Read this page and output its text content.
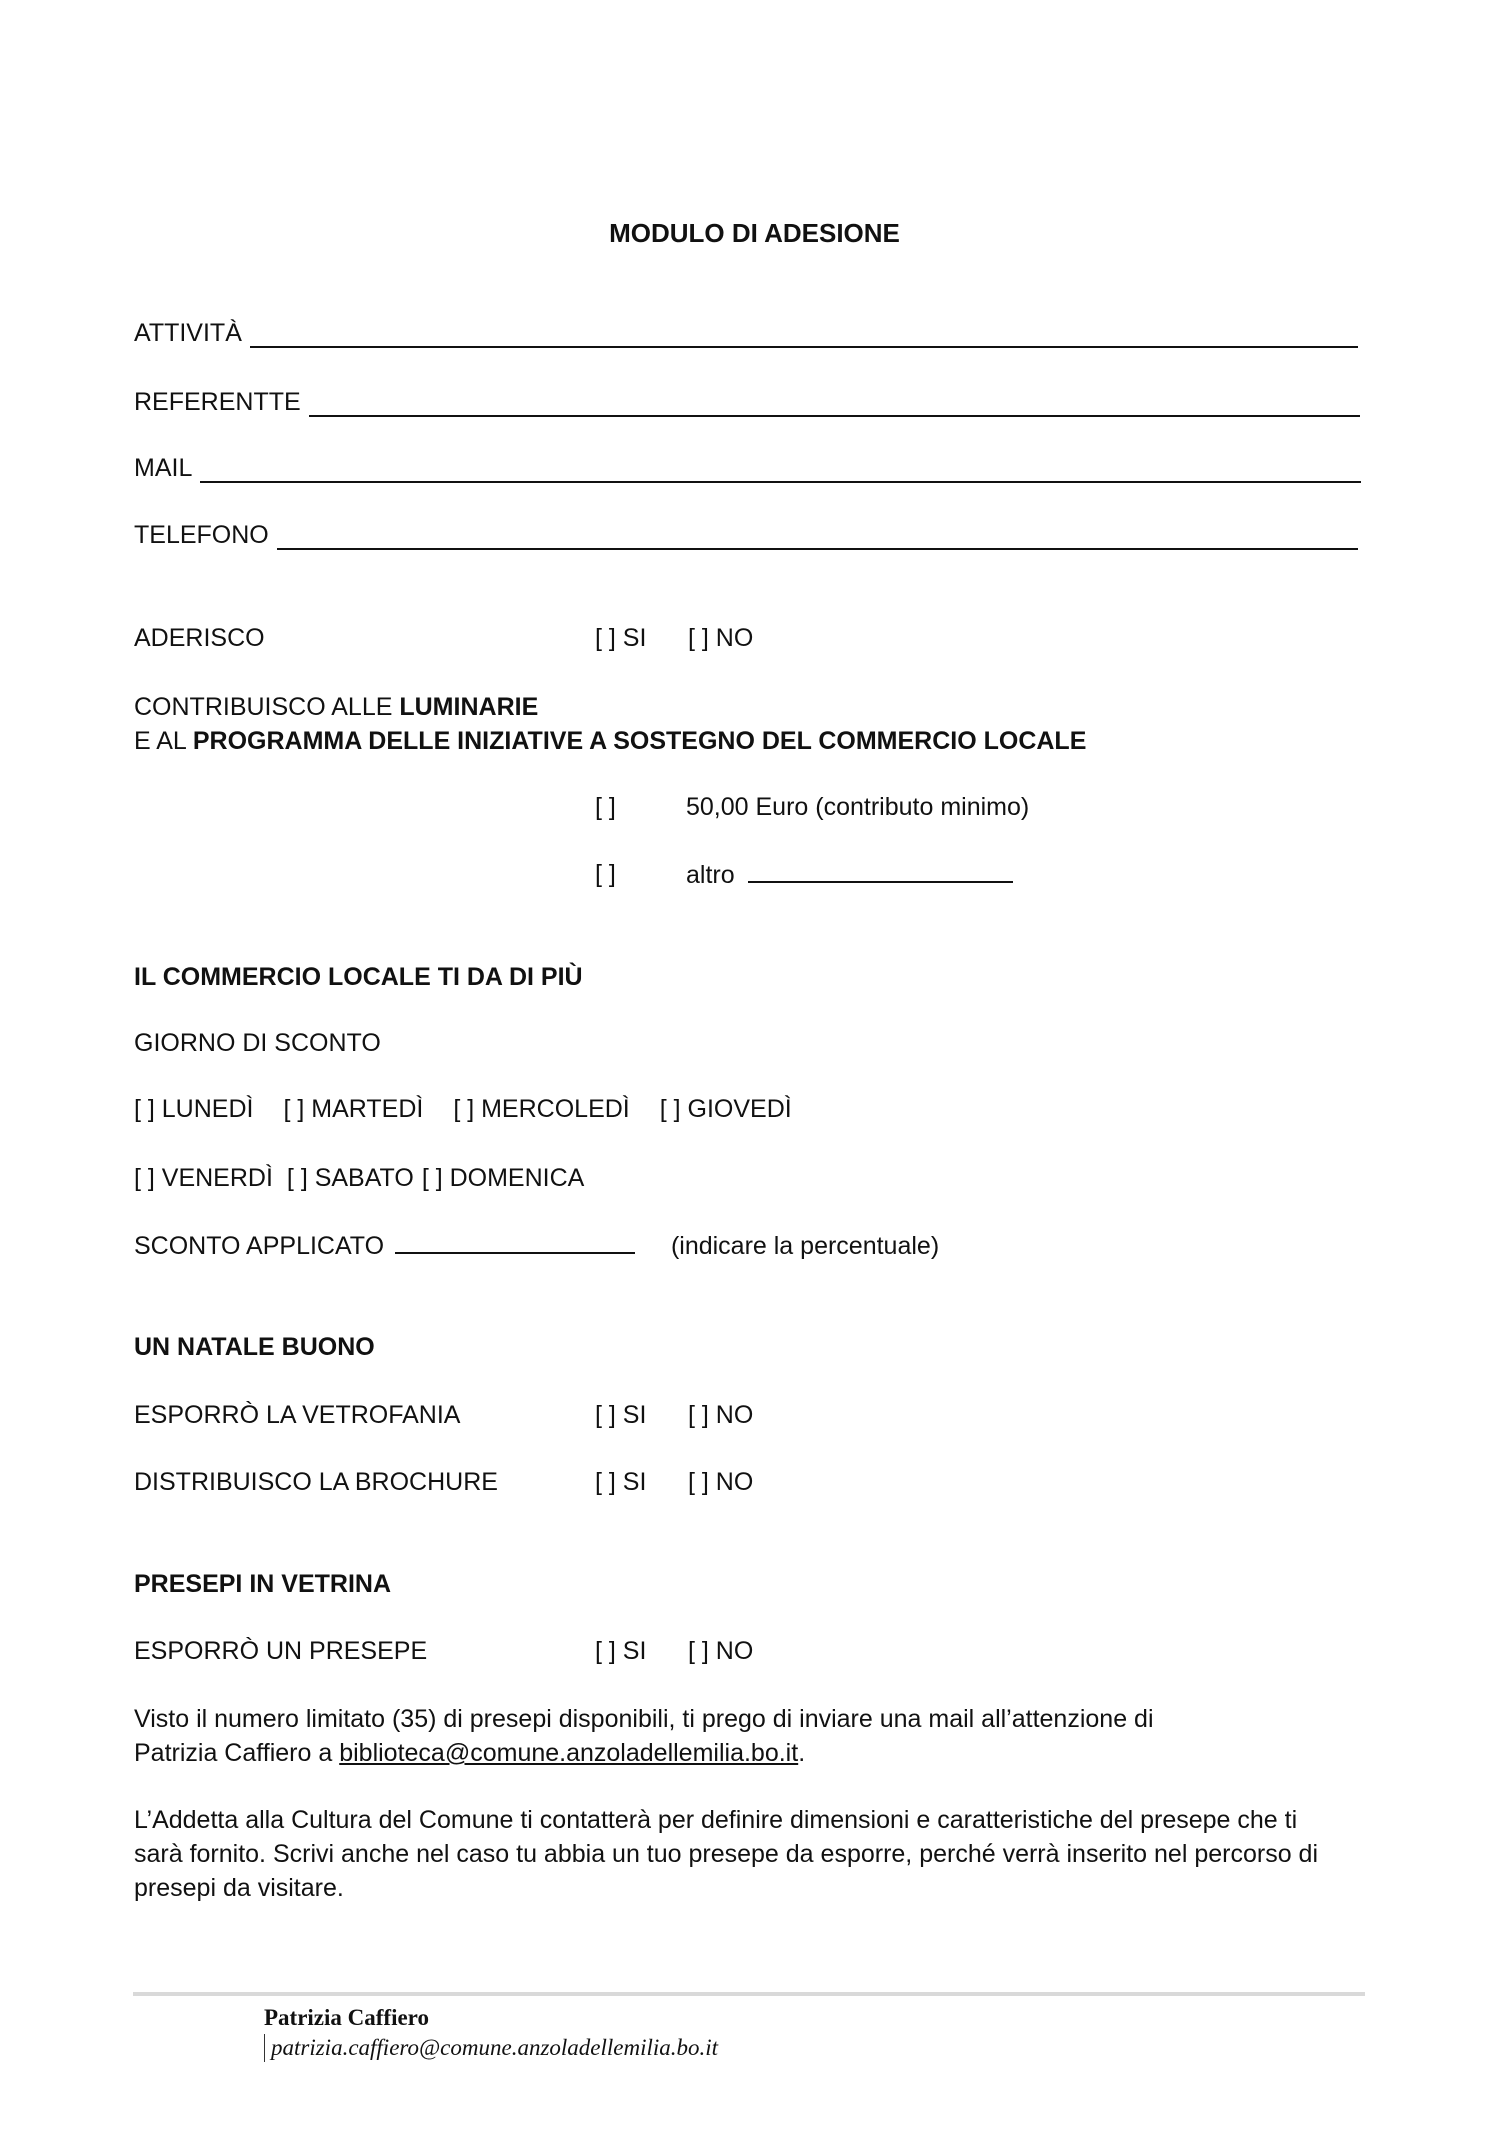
MODULO DI ADESIONE
ATTIVITÀ
REFERENTTE
MAIL
TELEFONO
ADERISCO	[ ] SI [ ] NO
CONTRIBUISCO ALLE LUMINARIE
E AL PROGRAMMA DELLE INIZIATIVE A SOSTEGNO DEL COMMERCIO LOCALE
[ ]	50,00 Euro (contributo minimo)
[ ]	altro
IL COMMERCIO LOCALE TI DA DI PIÙ
GIORNO DI SCONTO
[ ] LUNEDÌ [ ] MARTEDÌ [ ] MERCOLEDÌ [ ] GIOVEDÌ
[ ] VENERDÌ [ ] SABATO [ ] DOMENICA
SCONTO APPLICATO	(indicare la percentuale)
UN NATALE BUONO
ESPORRÒ LA VETROFANIA	[ ] SI [ ] NO
DISTRIBUISCO LA BROCHURE	[ ] SI [ ] NO
PRESEPI IN VETRINA
ESPORRÒ UN PRESEPE	[ ] SI [ ] NO
Visto il numero limitato (35) di presepi disponibili, ti prego di inviare una mail all’attenzione di
Patrizia Caffiero a biblioteca@comune.anzoladellemilia.bo.it.
L’Addetta alla Cultura del Comune ti contatterà per definire dimensioni e caratteristiche del presepe che ti sarà fornito. Scrivi anche nel caso tu abbia un tuo presepe da esporre, perché verrà inserito nel percorso di presepi da visitare.
Patrizia Caffiero
patrizia.caffiero@comune.anzoladellemilia.bo.it
